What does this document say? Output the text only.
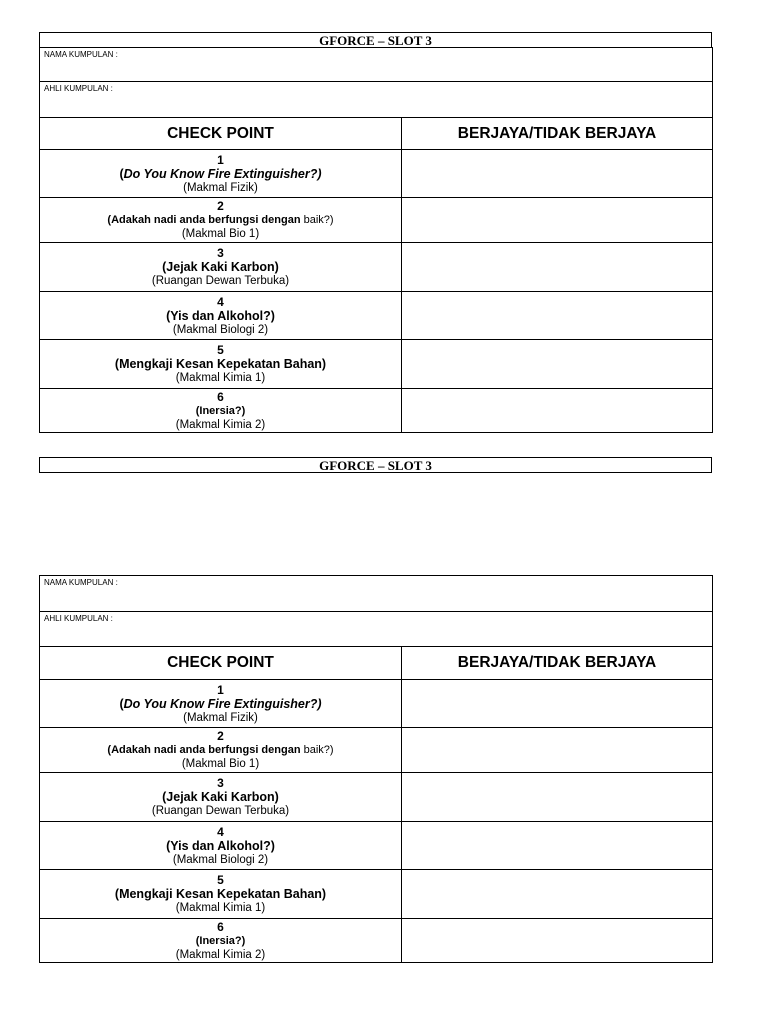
GFORCE – SLOT 3
NAMA KUMPULAN :	
AHLI KUMPULAN :	
CHECK POINT	BERJAYA/TIDAK BERJAYA

1
(Do You Know Fire Extinguisher?)
(Makmal Fizik)	

2
(Adakah nadi anda berfungsi dengan baik?)
(Makmal Bio 1)	

3
(Jejak Kaki Karbon)
(Ruangan Dewan Terbuka)	

4
(Yis dan Alkohol?)
(Makmal Biologi 2)	

5
(Mengkaji Kesan Kepekatan Bahan)
(Makmal Kimia 1)	

6
(Inersia?)
(Makmal Kimia 2)	

GFORCE – SLOT 3
NAMA KUMPULAN :	
AHLI KUMPULAN :	
CHECK POINT	BERJAYA/TIDAK BERJAYA

1
(Do You Know Fire Extinguisher?)
(Makmal Fizik)	

2
(Adakah nadi anda berfungsi dengan baik?)
(Makmal Bio 1)	

3
(Jejak Kaki Karbon)
(Ruangan Dewan Terbuka)	

4
(Yis dan Alkohol?)
(Makmal Biologi 2)	

5
(Mengkaji Kesan Kepekatan Bahan)
(Makmal Kimia 1)	

6
(Inersia?)
(Makmal Kimia 2)	
